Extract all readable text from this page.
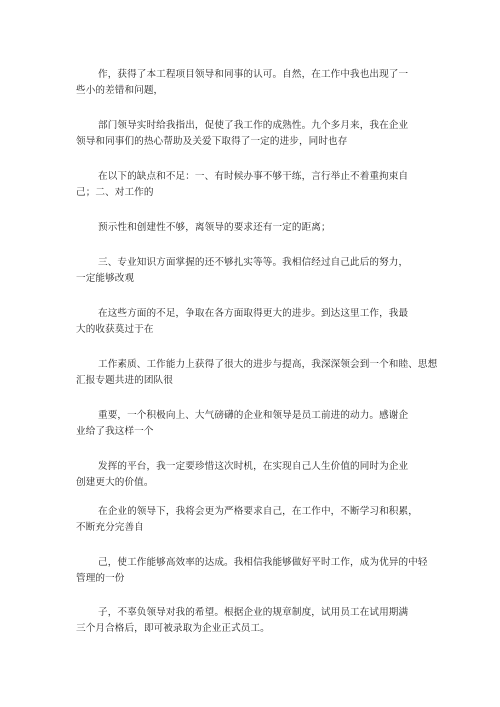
作，获得了本工程项目领导和同事的认可。自然，在工作中我也出现了一
些小的差错和问题，
部门领导实时给我指出，促使了我工作的成熟性。九个多月来，我在企业
领导和同事们的热心帮助及关爱下取得了一定的进步，同时也存
在以下的缺点和不足：一、有时候办事不够干练，言行举止不着重拘束自
己；二、对工作的
预示性和创建性不够，离领导的要求还有一定的距离；
三、专业知识方面掌握的还不够扎实等等。我相信经过自己此后的努力，
一定能够改观
在这些方面的不足，争取在各方面取得更大的进步。到达这里工作，我最
大的收获莫过于在
工作素质、工作能力上获得了很大的进步与提高，我深深领会到一个和睦、思想
汇报专题共进的团队很
重要，一个积极向上、大气磅礴的企业和领导是员工前进的动力。感谢企
业给了我这样一个
发挥的平台，我一定要珍惜这次时机，在实现自己人生价值的同时为企业
创建更大的价值。
在企业的领导下，我将会更为严格要求自己，在工作中，不断学习和积累，
不断充分完善自
己，使工作能够高效率的达成。我相信我能够做好平时工作，成为优异的中轻
管理的一份
子，不辜负领导对我的希望。根据企业的规章制度，试用员工在试用期满
三个月合格后，即可被录取为企业正式员工。
